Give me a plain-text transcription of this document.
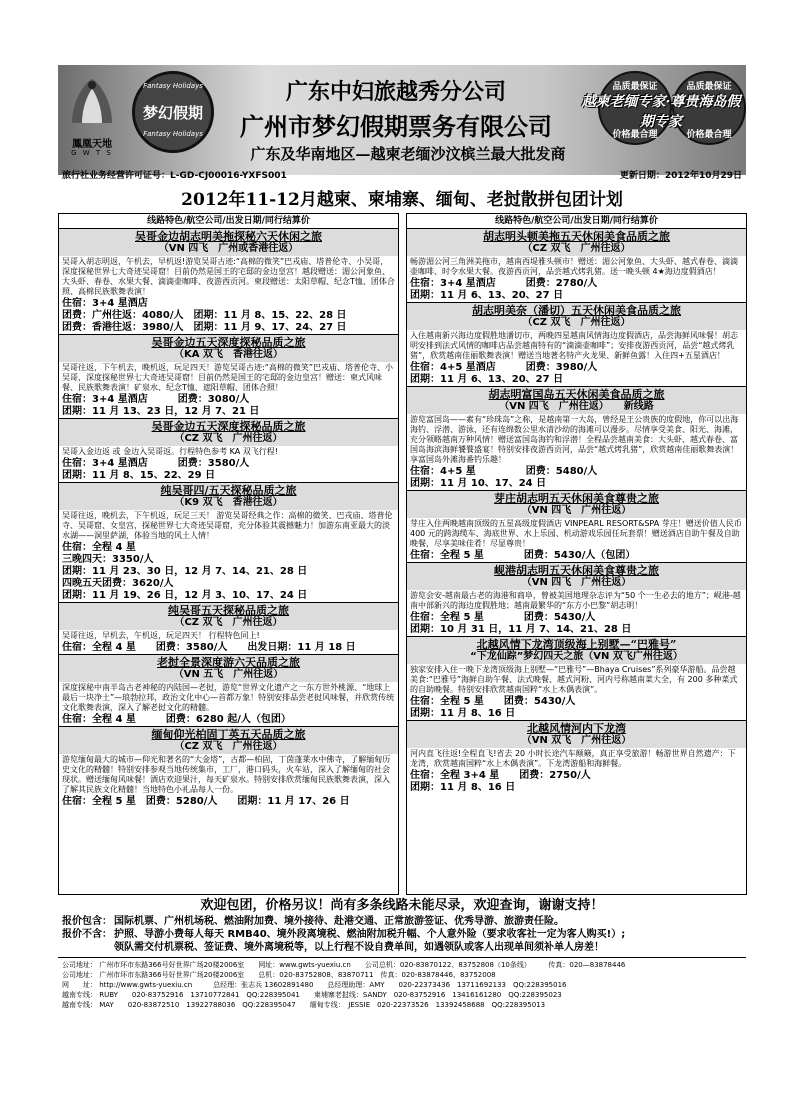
鳳凰天地
G W T S
Fantasy Holidays
梦幻假期
Fantasy Holidays
广东中妇旅越秀分公司
广州市梦幻假期票务有限公司
品质最保证
价格最合理
品质最保证
价格最合理
越柬老缅专家·尊贵海岛假期专家
广东及华南地区—越柬老缅沙汶槟兰最大批发商
旅行社业务经营许可证号：L-GD-CJ00016-YXFS001	更新日期：2012年10月29日
2012年11-12月越柬、柬埔寨、缅甸、老挝散拼包团计划
线路特色/航空公司/出发日期/同行结算价
吴哥金边胡志明美拖探秘六天休闲之旅
（VN 四飞　广州或香港往返）
吴哥入胡志明返，午机去，早机返!游览吴哥古迹:“高棉的微笑”巴戎庙、塔普伦寺、小吴哥，深度探秘世界七大奇迹吴哥窟！目前仍然是国王的宅邸的金边皇宫！越段赠送：湄公河象鱼、大头虾、春卷、水果大餐、滴滴壶咖啡、夜游西贡河。柬段赠送：太阳草帽、纪念T恤、团体合照、高棉民族歌舞表演！
住宿：3+4 星酒店
团费：广州往返：4080/人　团期：11 月 8、15、22、28 日
团费：香港往返：3980/人　团期：11 月 9、17、24、27 日
吴哥金边五天深度探秘品质之旅
（KA 双飞　香港往返）
吴哥往返，下午机去，晚机返，玩足四天！游览吴哥古迹:“高棉的微笑”巴戎庙、塔普伦寺、小吴哥，深度探秘世界七大奇迹吴哥窟！目前仍然是国王的宅邸的金边皇宫！赠送：柬式风味餐、民族歌舞表演！矿泉水、纪念T恤、遮阳草帽、团体合照！
住宿：3+4 星酒店　　　团费：3080/人
团期：11 月 13、23 日，12 月 7、21 日
吴哥金边五天深度探秘品质之旅
（CZ 双飞　广州往返）
吴哥入金边返 或 金边入吴哥返。行程特色参考 KA 双飞行程!
住宿：3+4 星酒店　　　团费：3580/人
团期：11 月 8、15、22、29 日
纯吴哥四/五天探秘品质之旅
（K9 双飞　香港往返）
吴哥往返，晚机去，下午机返，玩足三天！ 游览吴哥经典之作：高棉的微笑、巴戎庙、塔普伦寺、吴哥窟、女皇宫，探秘世界七大奇迹吴哥窟，充分体验其震撼魅力！加游东南亚最大的淡水湖——洞里萨湖，体验当地的风土人情！
住宿：全程 4 星
三晚四天：3350/人
团期：11 月 23、30 日，12 月 7、14、21、28 日
四晚五天团费：3620/人
团期：11 月 19、26 日，12 月 3、10、17、24 日
纯吴哥五天探秘品质之旅
（CZ 双飞　广州往返）
吴哥往返，早机去，午机返，玩足四天！ 行程特色同上!
住宿：全程 4 星　　团费：3580/人　　出发日期：11 月 18 日
老挝全景深度游六天品质之旅
（VN 五飞　广州往返）
深度探秘中南半岛古老神秘的内陆国—老挝，游览“世界文化遗产之一东方世外桃源、“地球上最后一块净土”—琅勃拉邦，政治文化中心—首都万象！特别安排品尝老挝风味餐，并欣赏传统文化歌舞表演，深入了解老挝文化的精髓。
住宿：全程 4 星　　　团费：6280 起/人（包团）
缅甸仰光柏固丁英五天品质之旅
（CZ 双飞　广州往返）
游览缅甸最大的城市—仰光和著名的“大金塔”，古都—柏固，丁茵蓬莱水中佛寺，了解缅甸历史文化的精髓！特别安排参观当地传统集市，工厂，港口码头，火车站，深入了解缅甸的社会现状。赠送缅甸风味餐！酒店欢迎果汁，每天矿泉水。特别安排欣赏缅甸民族歌舞表演，深入了解其民族文化精髓！当地特色小礼品每人一份。
住宿：全程 5 星　团费：5280/人　　团期：11 月 17、26 日
线路特色/航空公司/出发日期/同行结算价
胡志明头顿美拖五天休闲美食品质之旅
（CZ 双飞　广州往返）
畅游湄公河三角洲美拖市，越南西堤雅头顿市！赠送：湄公河象鱼、大头虾、越式春卷、滴滴壶咖啡、时令水果大餐。夜游西贡河，品尝越式烤乳猪。送一晚头顿 4★海边度假酒店！
住宿：3+4 星酒店　　　团费：2780/人
团期：11 月 6、13、20、27 日
胡志明美奈（潘切）五天休闲美食品质之旅
（CZ 双飞　广州往返）
入住越南新兴海边度假胜地潘切市，两晚四星越南风情海边度假酒店，品尝海鲜风味餐！胡志明安排到法式风情的咖啡店品尝越南特有的“滴滴壶咖啡”；安排夜游西贡河，品尝“越式烤乳猪”，欣赏越南佳丽歌舞表演！赠送当地著名特产火龙果、新鲜鱼露！入住四+五星酒店！
住宿：4+5 星酒店　　　团费：3980/人
团期：11 月 6、13、20、27 日
胡志明富国岛五天休闲美食品质之旅
（VN 四飞　广州往返）　　新线路
游览富国岛——素有“珍珠岛”之称，是越南第一大岛，曾经是王公贵族的度假地，你可以出海海钓、浮潜、游泳，还有连绵数公里水清沙幼的海滩可以漫步。尽情享受美食、阳光、海滩，充分领略越南万种风情！赠送富国岛海钓和浮潜！全程品尝越南美食：大头虾、越式春卷、富国岛海滨海鲜饕餮盛宴！特别安排夜游西贡河，品尝“越式烤乳猪”，欣赏越南佳丽歌舞表演！享富国岛外滩海番钓乐趣！
住宿：4+5 星　　　　　团费：5480/人
团期：11 月 10、17、24 日
芽庄胡志明五天休闲美食尊贵之旅
（VN 四飞　广州往返）
芽庄入住两晚越南顶级的五星高级度假酒店 VINPEARL RESORT&SPA 芽庄！赠送价值人民币 400 元的跨海缆车、海底世界、水上乐园、机动游戏乐园任玩套票！赠送酒店自助午餐及自助晚餐，尽享美味佳肴！尽显尊贵！
住宿：全程 5 星　　　　团费：5430/人（包团）
岘港胡志明五天休闲美食尊贵之旅
（VN 四飞　广州往返）
游览会安-越南最古老的海港和商阜，曾被美国地理杂志评为“50 个一生必去的地方”；岘港-越南中部新兴的海边度假胜地；越南最繁华的“东方小巴黎”胡志明！
住宿：全程 5 星　　　　团费：5430/人
团期：10 月 31 日，11 月 7、14、21、28 日
北越风情下龙湾顶级海上别墅—“巴雅号”
“下龙仙踪”梦幻四天之旅（VN 双飞广州往返）
独家安排入住一晚下龙湾顶级海上别墅—“巴雅号”—Bhaya Cruises”系列豪华游船。品尝越美食:“巴雅号”海鲜自助午餐、法式晚餐、越式河粉、河内号称越南菜大全，有 200 多种菜式的自助晚餐。特别安排欣赏越南国粹“水上木偶表演”。
住宿：全程 5 星　　团费：5430/人
团期：11 月 8、16 日
北越风情河内下龙湾
（VN 双飞　广州往返）
河内直飞往返!全程直飞!省去 20 小时长途汽车颠簸，真正享受旅游！畅游世界自然遗产：下龙湾，欣赏越南国粹“水上木偶表演”。下龙湾游船和海鲜餐。
住宿：全程 3+4 星　　团费：2750/人
团期：11 月 8、16 日
欢迎包团，价格另议！尚有多条线路未能尽录，欢迎查询，谢谢支持！
报价包含： 国际机票、广州机场税、燃油附加费、境外接待、赴港交通、正常旅游签证、优秀导游、旅游责任险。
报价不含： 护照、导游小费每人每天 RMB40、境外段离境税、燃油附加税升幅、个人意外险（要求收客社一定为客人购买!）;
领队需交付机票税、签证费、境外离境税等，以上行程不设自费单间，如遇领队或客人出现单间须补单人房差！
公司地址： 广州市环市东路366号好世界广场20楼2006室　　网址：www.gwts-yuexiu.cn　　公司总机：020-83870122、83752808（10条线）　　　传真：020—83878446
公司地址： 广州市环市东路366号好世界广场20楼2006室　　总机：020-83752808、83870711　传真：020-83878446、83752008
网　　址： http://www.gwts-yuexiu.cn　　　总经理：张志兵 13602891480　　总经理助理：AMY　　020-22373436　13711692133　QQ:228395016
越南专线： RUBY　　020-83752916　13710772841　QQ:228395041　　柬埔寨老挝线：SANDY　020-83752916　13416161280　QQ:228395023
越南专线： MAY　　020-83872510　13922788036　QQ:228395047　　缅甸专线：　JESSIE　020-22373526　13392458688　QQ:228395013
